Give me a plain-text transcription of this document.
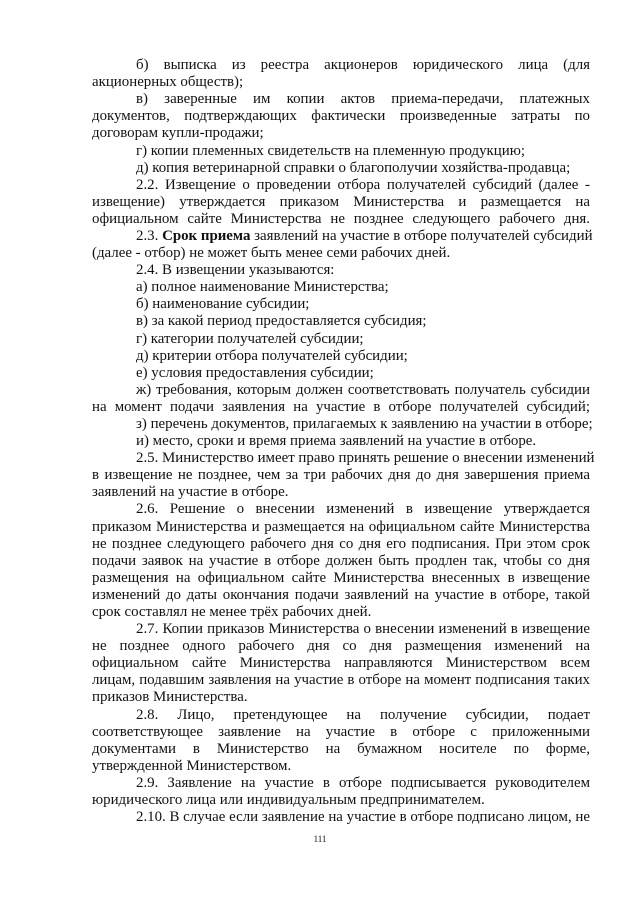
б) выписка из реестра акционеров юридического лица (для
акционерных обществ);
в) заверенные им копии актов приема-передачи, платежных
документов, подтверждающих фактически произведенные затраты по
договорам купли-продажи;
г) копии племенных свидетельств на племенную продукцию;
д) копия ветеринарной справки о благополучии хозяйства-продавца;
2.2. Извещение о проведении отбора получателей субсидий (далее -
извещение) утверждается приказом Министерства и размещается на
официальном сайте Министерства не позднее следующего рабочего дня.
2.3. Срок приема заявлений на участие в отборе получателей субсидий
(далее - отбор) не может быть менее семи рабочих дней.
2.4. В извещении указываются:
а) полное наименование Министерства;
б) наименование субсидии;
в) за какой период предоставляется субсидия;
г) категории получателей субсидии;
д) критерии отбора получателей субсидии;
е) условия предоставления субсидии;
ж) требования, которым должен соответствовать получатель субсидии
на момент подачи заявления на участие в отборе получателей субсидий;
з) перечень документов, прилагаемых к заявлению на участии в отборе;
и) место, сроки и время приема заявлений на участие в отборе.
2.5. Министерство имеет право принять решение о внесении изменений
в извещение не позднее, чем за три рабочих дня до дня завершения приема
заявлений на участие в отборе.
2.6. Решение о внесении изменений в извещение утверждается
приказом Министерства и размещается на официальном сайте Министерства
не позднее следующего рабочего дня со дня его подписания. При этом срок
подачи заявок на участие в отборе должен быть продлен так, чтобы со дня
размещения на официальном сайте Министерства внесенных в извещение
изменений до даты окончания подачи заявлений на участие в отборе, такой
срок составлял не менее трёх рабочих дней.
2.7. Копии приказов Министерства о внесении изменений в извещение
не позднее одного рабочего дня со дня размещения изменений на
официальном сайте Министерства направляются Министерством всем
лицам, подавшим заявления на участие в отборе на момент подписания таких
приказов Министерства.
2.8. Лицо, претендующее на получение субсидии, подает
соответствующее заявление на участие в отборе с приложенными
документами в Министерство на бумажном носителе по форме,
утвержденной Министерством.
2.9. Заявление на участие в отборе подписывается руководителем
юридического лица или индивидуальным предпринимателем.
2.10. В случае если заявление на участие в отборе подписано лицом, не
111
